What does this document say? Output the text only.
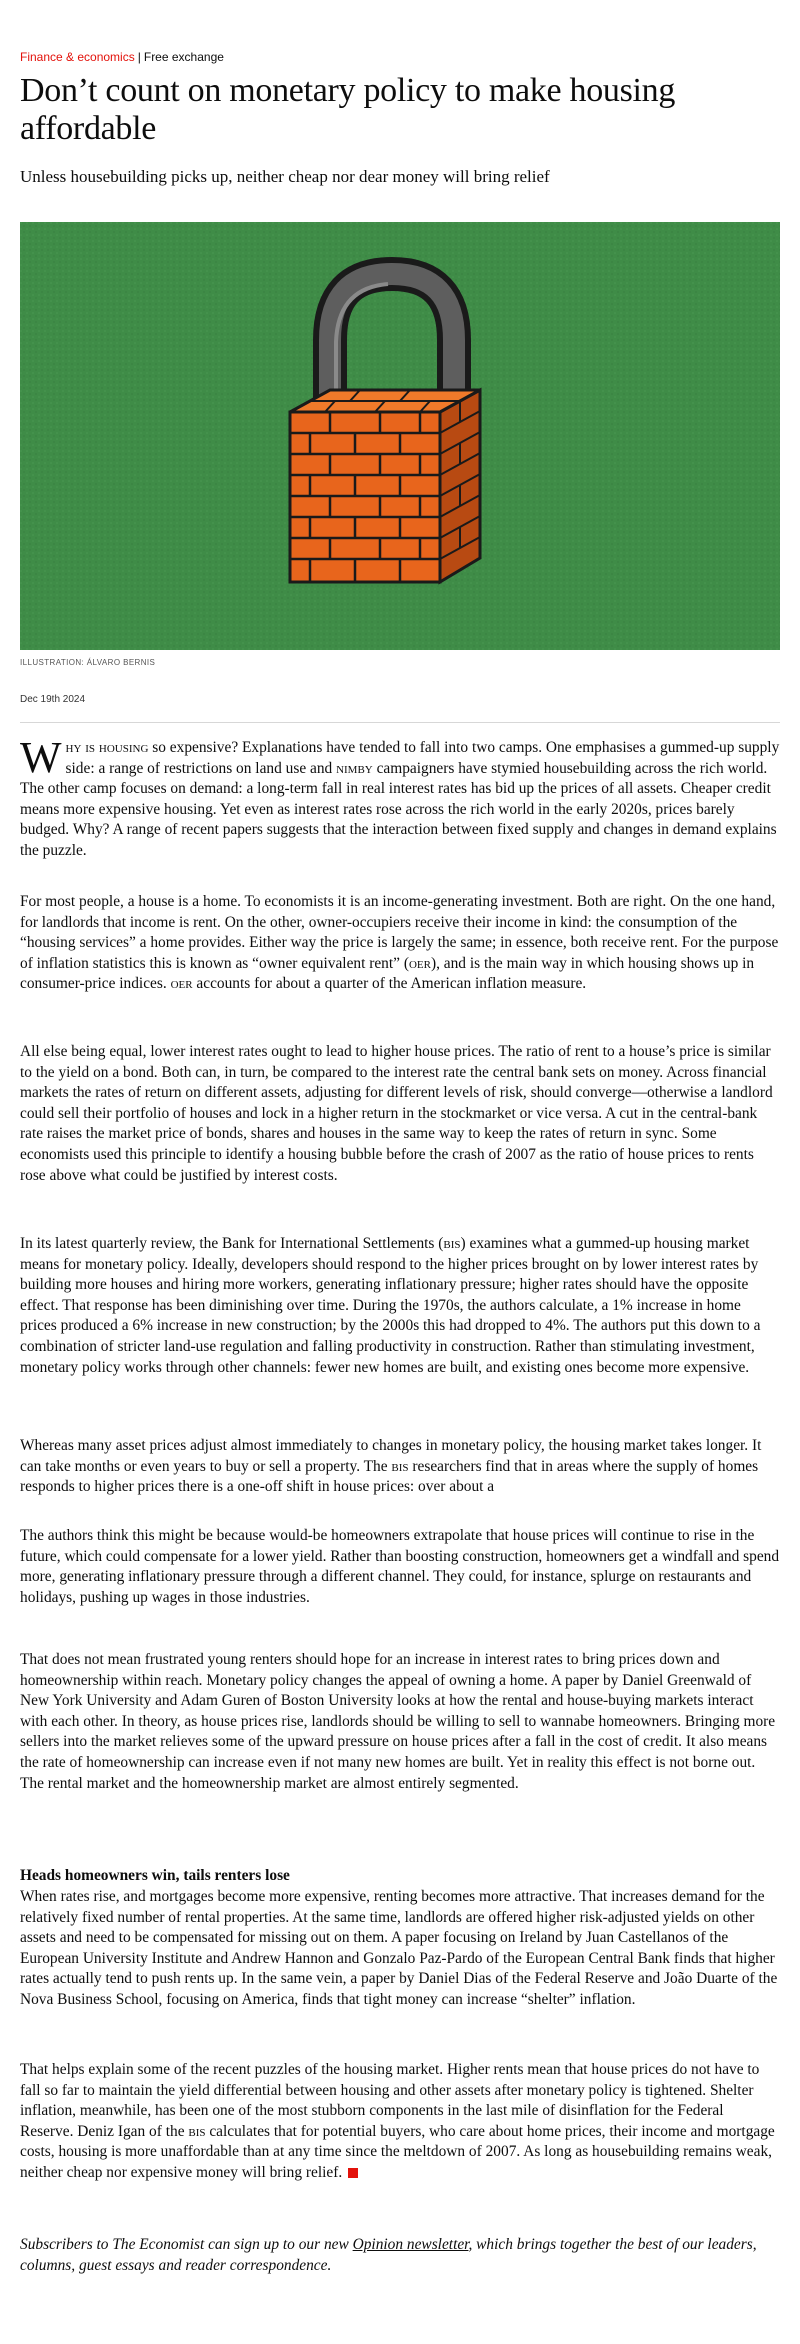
Finance & economics | Free exchange
Don’t count on monetary policy to make housing affordable

Unless housebuilding picks up, neither cheap nor dear money will bring relief

ILLUSTRATION: ÁLVARO BERNIS
Dec 19th 2024

Why is housing so expensive? Explanations have tended to fall into two camps. One emphasises a gummed-up supply side: a range of restrictions on land use and nimby campaigners have stymied housebuilding across the rich world. The other camp focuses on demand: a long-term fall in real interest rates has bid up the prices of all assets. Cheaper credit means more expensive housing. Yet even as interest rates rose across the rich world in the early 2020s, prices barely budged. Why? A range of recent papers suggests that the interaction between fixed supply and changes in demand explains the puzzle.

For most people, a house is a home. To economists it is an income-generating investment. Both are right. On the one hand, for landlords that income is rent. On the other, owner-occupiers receive their income in kind: the consumption of the “housing services” a home provides. Either way the price is largely the same; in essence, both receive rent. For the purpose of inflation statistics this is known as “owner equivalent rent” (oer), and is the main way in which housing shows up in consumer-price indices. oer accounts for about a quarter of the American inflation measure.

All else being equal, lower interest rates ought to lead to higher house prices. The ratio of rent to a house’s price is similar to the yield on a bond. Both can, in turn, be compared to the interest rate the central bank sets on money. Across financial markets the rates of return on different assets, adjusting for different levels of risk, should converge—otherwise a landlord could sell their portfolio of houses and lock in a higher return in the stockmarket or vice versa. A cut in the central-bank rate raises the market price of bonds, shares and houses in the same way to keep the rates of return in sync. Some economists used this principle to identify a housing bubble before the crash of 2007 as the ratio of house prices to rents rose above what could be justified by interest costs.

In its latest quarterly review, the Bank for International Settlements (bis) examines what a gummed-up housing market means for monetary policy. Ideally, developers should respond to the higher prices brought on by lower interest rates by building more houses and hiring more workers, generating inflationary pressure; higher rates should have the opposite effect. That response has been diminishing over time. During the 1970s, the authors calculate, a 1% increase in home prices produced a 6% increase in new construction; by the 2000s this had dropped to 4%. The authors put this down to a combination of stricter land-use regulation and falling productivity in construction. Rather than stimulating investment, monetary policy works through other channels: fewer new homes are built, and existing ones become more expensive.

Whereas many asset prices adjust almost immediately to changes in monetary policy, the housing market takes longer. It can take months or even years to buy or sell a property. The bis researchers find that in areas where the supply of homes responds to higher prices there is a one-off shift in house prices: over about a

The authors think this might be because would-be homeowners extrapolate that house prices will continue to rise in the future, which could compensate for a lower yield. Rather than boosting construction, homeowners get a windfall and spend more, generating inflationary pressure through a different channel. They could, for instance, splurge on restaurants and holidays, pushing up wages in those industries.

That does not mean frustrated young renters should hope for an increase in interest rates to bring prices down and homeownership within reach. Monetary policy changes the appeal of owning a home. A paper by Daniel Greenwald of New York University and Adam Guren of Boston University looks at how the rental and house-buying markets interact with each other. In theory, as house prices rise, landlords should be willing to sell to wannabe homeowners. Bringing more sellers into the market relieves some of the upward pressure on house prices after a fall in the cost of credit. It also means the rate of homeownership can increase even if not many new homes are built. Yet in reality this effect is not borne out. The rental market and the homeownership market are almost entirely segmented.

Heads homeowners win, tails renters lose

When rates rise, and mortgages become more expensive, renting becomes more attractive. That increases demand for the relatively fixed number of rental properties. At the same time, landlords are offered higher risk-adjusted yields on other assets and need to be compensated for missing out on them. A paper focusing on Ireland by Juan Castellanos of the European University Institute and Andrew Hannon and Gonzalo Paz-Pardo of the European Central Bank finds that higher rates actually tend to push rents up. In the same vein, a paper by Daniel Dias of the Federal Reserve and João Duarte of the Nova Business School, focusing on America, finds that tight money can increase “shelter” inflation.

That helps explain some of the recent puzzles of the housing market. Higher rents mean that house prices do not have to fall so far to maintain the yield differential between housing and other assets after monetary policy is tightened. Shelter inflation, meanwhile, has been one of the most stubborn components in the last mile of disinflation for the Federal Reserve. Deniz Igan of the bis calculates that for potential buyers, who care about home prices, their income and mortgage costs, housing is more unaffordable than at any time since the meltdown of 2007. As long as housebuilding remains weak, neither cheap nor expensive money will bring relief.

Subscribers to The Economist can sign up to our new Opinion newsletter, which brings together the best of our leaders, columns, guest essays and reader correspondence.
